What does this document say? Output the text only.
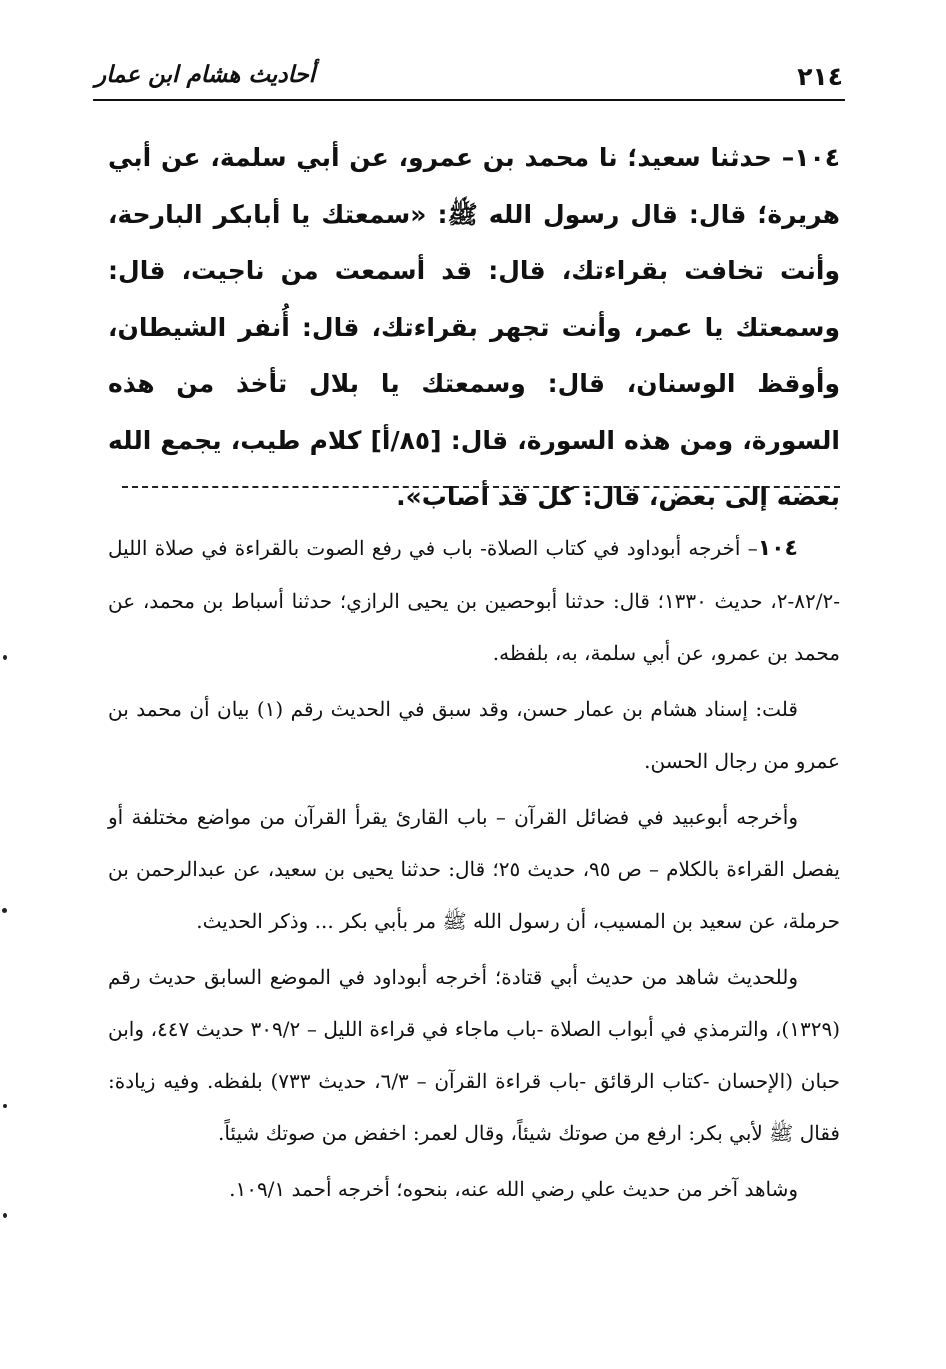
٢١٤
أحاديث هشام ابن عمار
١٠٤– حدثنا سعيد؛ نا محمد بن عمرو، عن أبي سلمة، عن أبي هريرة؛ قال: قال رسول الله ﷺ: «سمعتك يا أبابكر البارحة، وأنت تخافت بقراءتك، قال: قد أسمعت من ناجيت، قال: وسمعتك يا عمر، وأنت تجهر بقراءتك، قال: أُنفر الشيطان، وأوقظ الوسنان، قال: وسمعتك يا بلال تأخذ من هذه السورة، ومن هذه السورة، قال: [٨٥/أ] كلام طيب، يجمع الله بعضه إلى بعض، قال: كل قد أصاب».

١٠٤– أخرجه أبوداود في كتاب الصلاة- باب في رفع الصوت بالقراءة في صلاة الليل -٨٢/٢-٢، حديث ١٣٣٠؛ قال: حدثنا أبوحصين بن يحيى الرازي؛ حدثنا أسباط بن محمد، عن محمد بن عمرو، عن أبي سلمة، به، بلفظه.

قلت: إسناد هشام بن عمار حسن، وقد سبق في الحديث رقم (١) بيان أن محمد بن عمرو من رجال الحسن.

وأخرجه أبوعبيد في فضائل القرآن – باب القارئ يقرأ القرآن من مواضع مختلفة أو يفصل القراءة بالكلام – ص ٩٥، حديث ٢٥؛ قال: حدثنا يحيى بن سعيد، عن عبدالرحمن بن حرملة، عن سعيد بن المسيب، أن رسول الله ﷺ مر بأبي بكر ... وذكر الحديث.

وللحديث شاهد من حديث أبي قتادة؛ أخرجه أبوداود في الموضع السابق حديث رقم (١٣٢٩)، والترمذي في أبواب الصلاة -باب ماجاء في قراءة الليل – ٣٠٩/٢ حديث ٤٤٧، وابن حبان (الإحسان -كتاب الرقائق -باب قراءة القرآن – ٦/٣، حديث ٧٣٣) بلفظه. وفيه زيادة: فقال ﷺ لأبي بكر: ارفع من صوتك شيئاً، وقال لعمر: اخفض من صوتك شيئاً.

وشاهد آخر من حديث علي رضي الله عنه، بنحوه؛ أخرجه أحمد ١٠٩/١.
